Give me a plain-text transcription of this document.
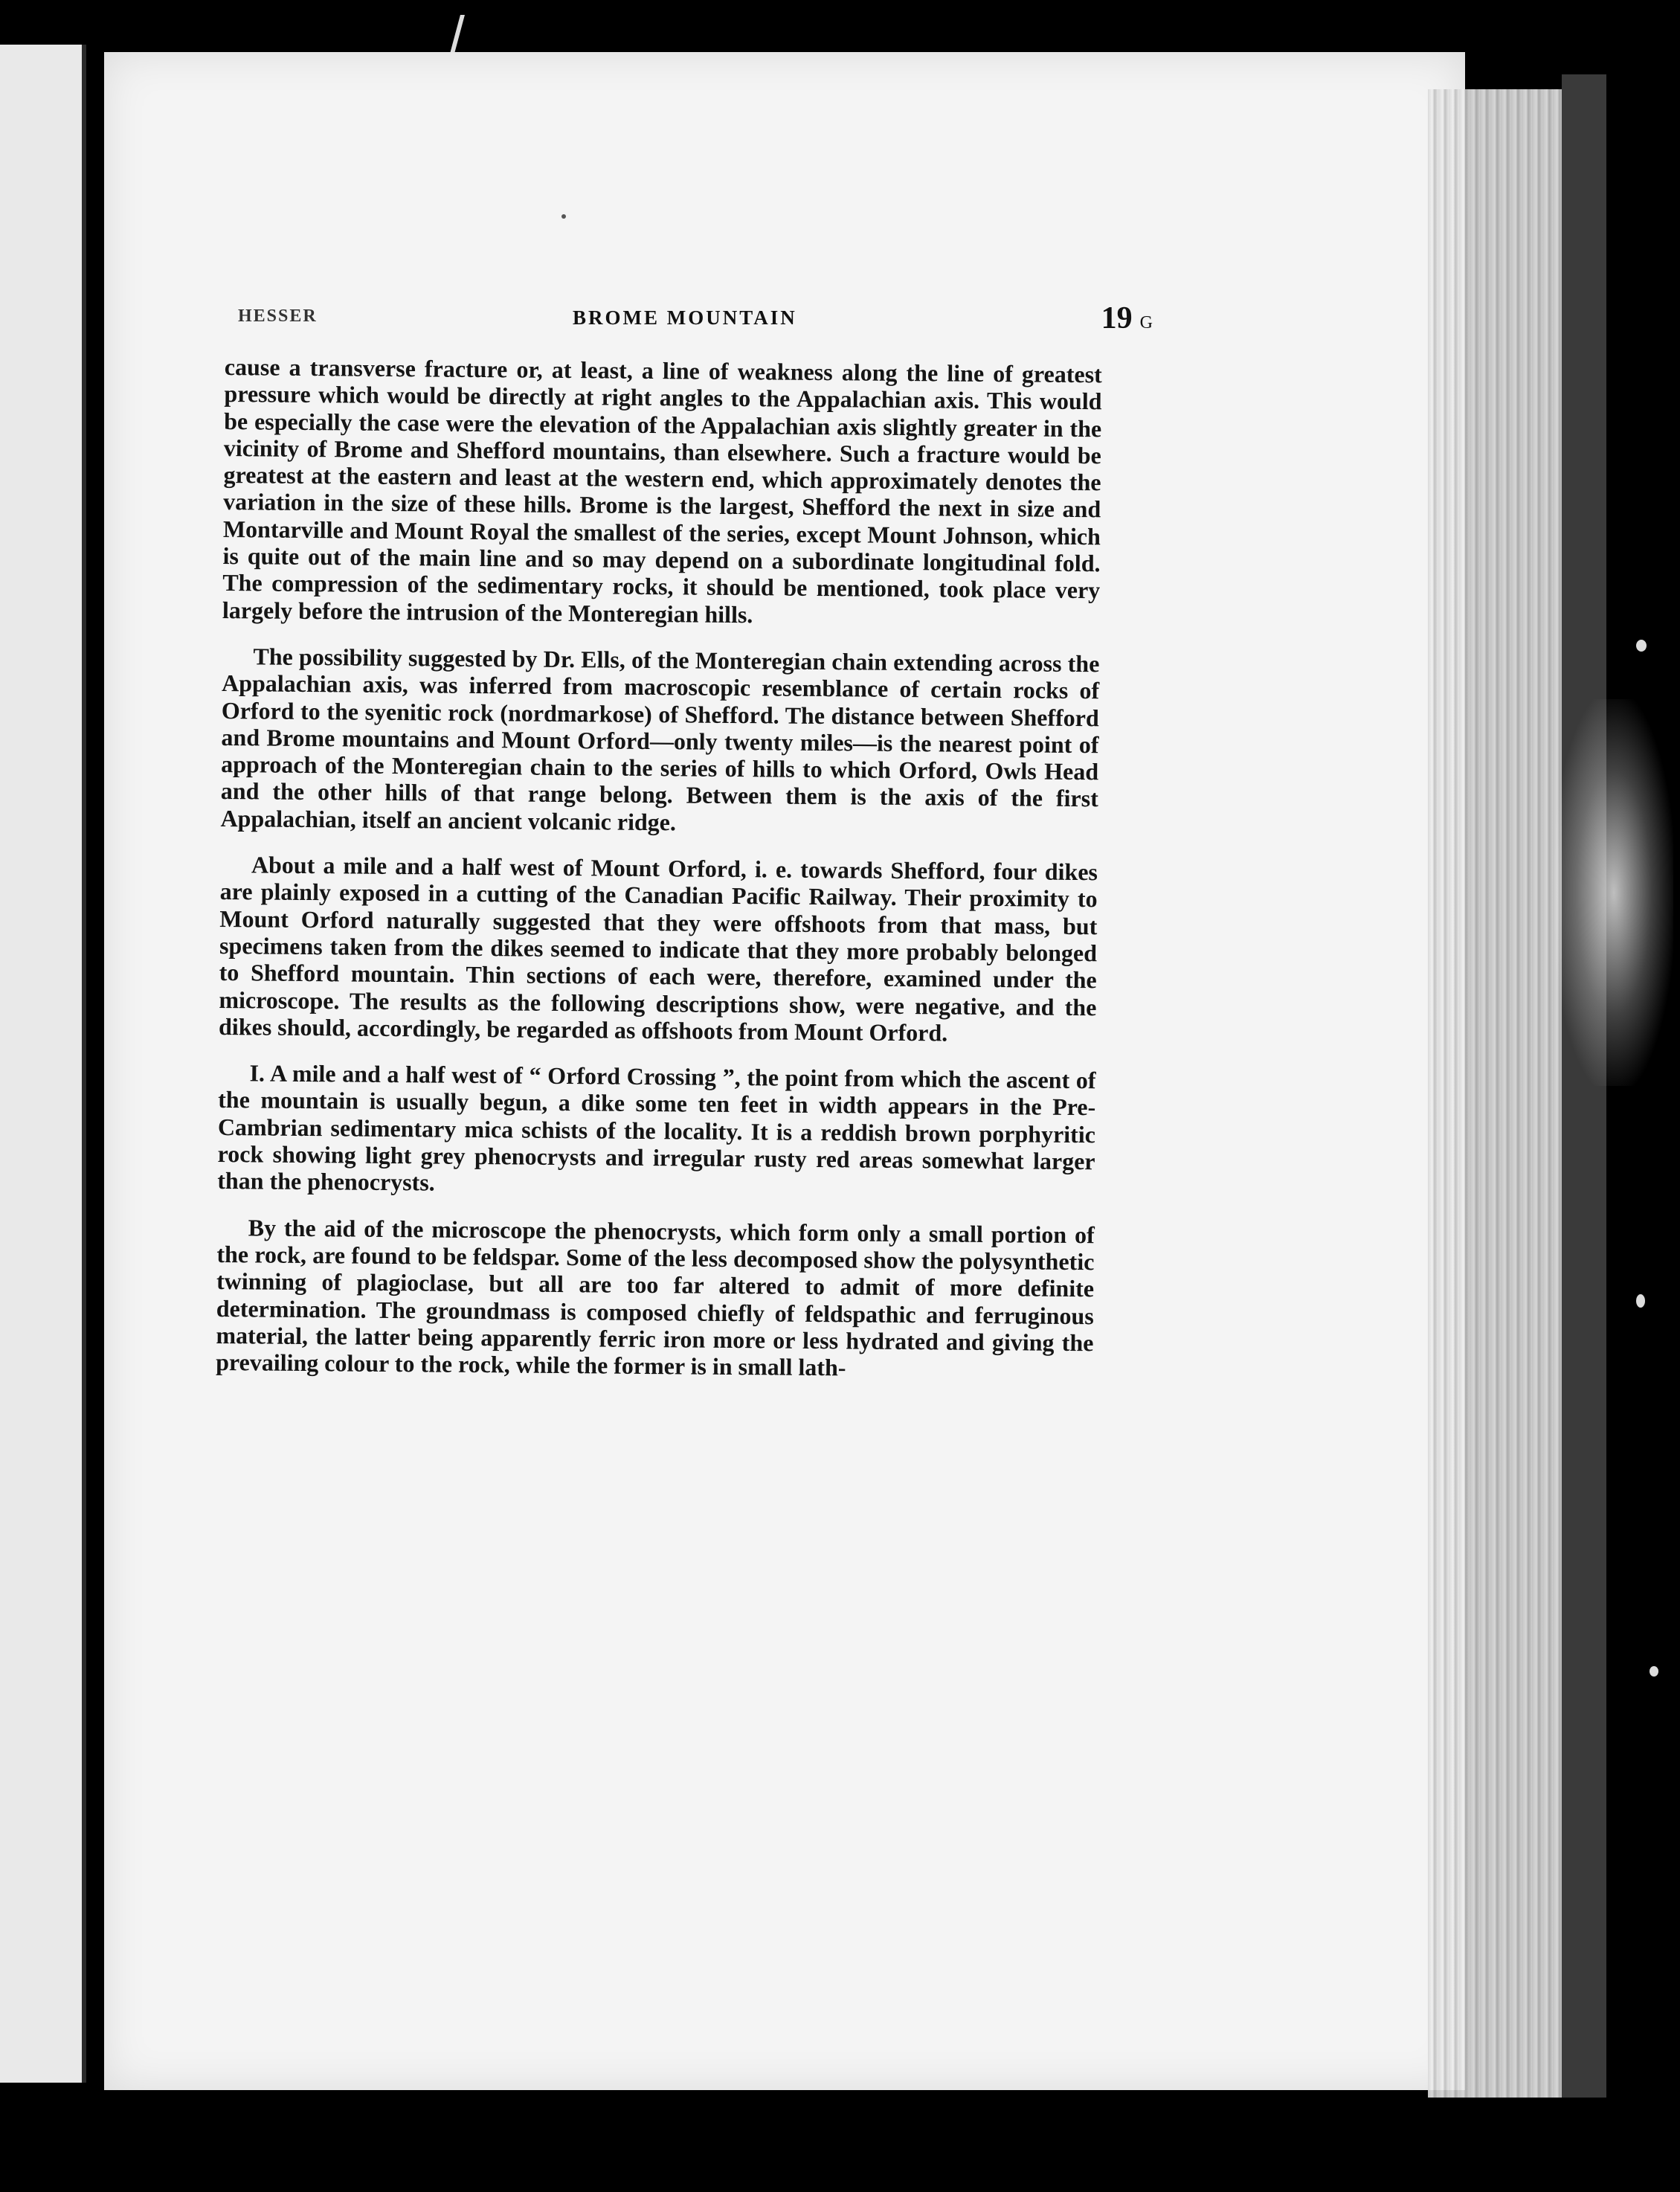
HESSER	BROME MOUNTAIN	19 G

cause a transverse fracture or, at least, a line of weakness along the line of greatest pressure which would be directly at right angles to the Appalachian axis. This would be especially the case were the elevation of the Appalachian axis slightly greater in the vicinity of Brome and Shefford mountains, than elsewhere. Such a fracture would be greatest at the eastern and least at the western end, which approximately denotes the variation in the size of these hills. Brome is the largest, Shefford the next in size and Montarville and Mount Royal the smallest of the series, except Mount Johnson, which is quite out of the main line and so may depend on a subordinate longitudinal fold. The compression of the sedimentary rocks, it should be mentioned, took place very largely before the intrusion of the Monteregian hills.

The possibility suggested by Dr. Ells, of the Monteregian chain extending across the Appalachian axis, was inferred from macroscopic resemblance of certain rocks of Orford to the syenitic rock (nordmarkose) of Shefford. The distance between Shefford and Brome mountains and Mount Orford—only twenty miles—is the nearest point of approach of the Monteregian chain to the series of hills to which Orford, Owls Head and the other hills of that range belong. Between them is the axis of the first Appalachian, itself an ancient volcanic ridge.

About a mile and a half west of Mount Orford, i. e. towards Shefford, four dikes are plainly exposed in a cutting of the Canadian Pacific Railway. Their proximity to Mount Orford naturally suggested that they were offshoots from that mass, but specimens taken from the dikes seemed to indicate that they more probably belonged to Shefford mountain. Thin sections of each were, therefore, examined under the microscope. The results as the following descriptions show, were negative, and the dikes should, accordingly, be regarded as offshoots from Mount Orford.

I. A mile and a half west of “ Orford Crossing ”, the point from which the ascent of the mountain is usually begun, a dike some ten feet in width appears in the Pre-Cambrian sedimentary mica schists of the locality. It is a reddish brown porphyritic rock showing light grey phenocrysts and irregular rusty red areas somewhat larger than the phenocrysts.

By the aid of the microscope the phenocrysts, which form only a small portion of the rock, are found to be feldspar. Some of the less decomposed show the polysynthetic twinning of plagioclase, but all are too far altered to admit of more definite determination. The groundmass is composed chiefly of feldspathic and ferruginous material, the latter being apparently ferric iron more or less hydrated and giving the prevailing colour to the rock, while the former is in small lath-
